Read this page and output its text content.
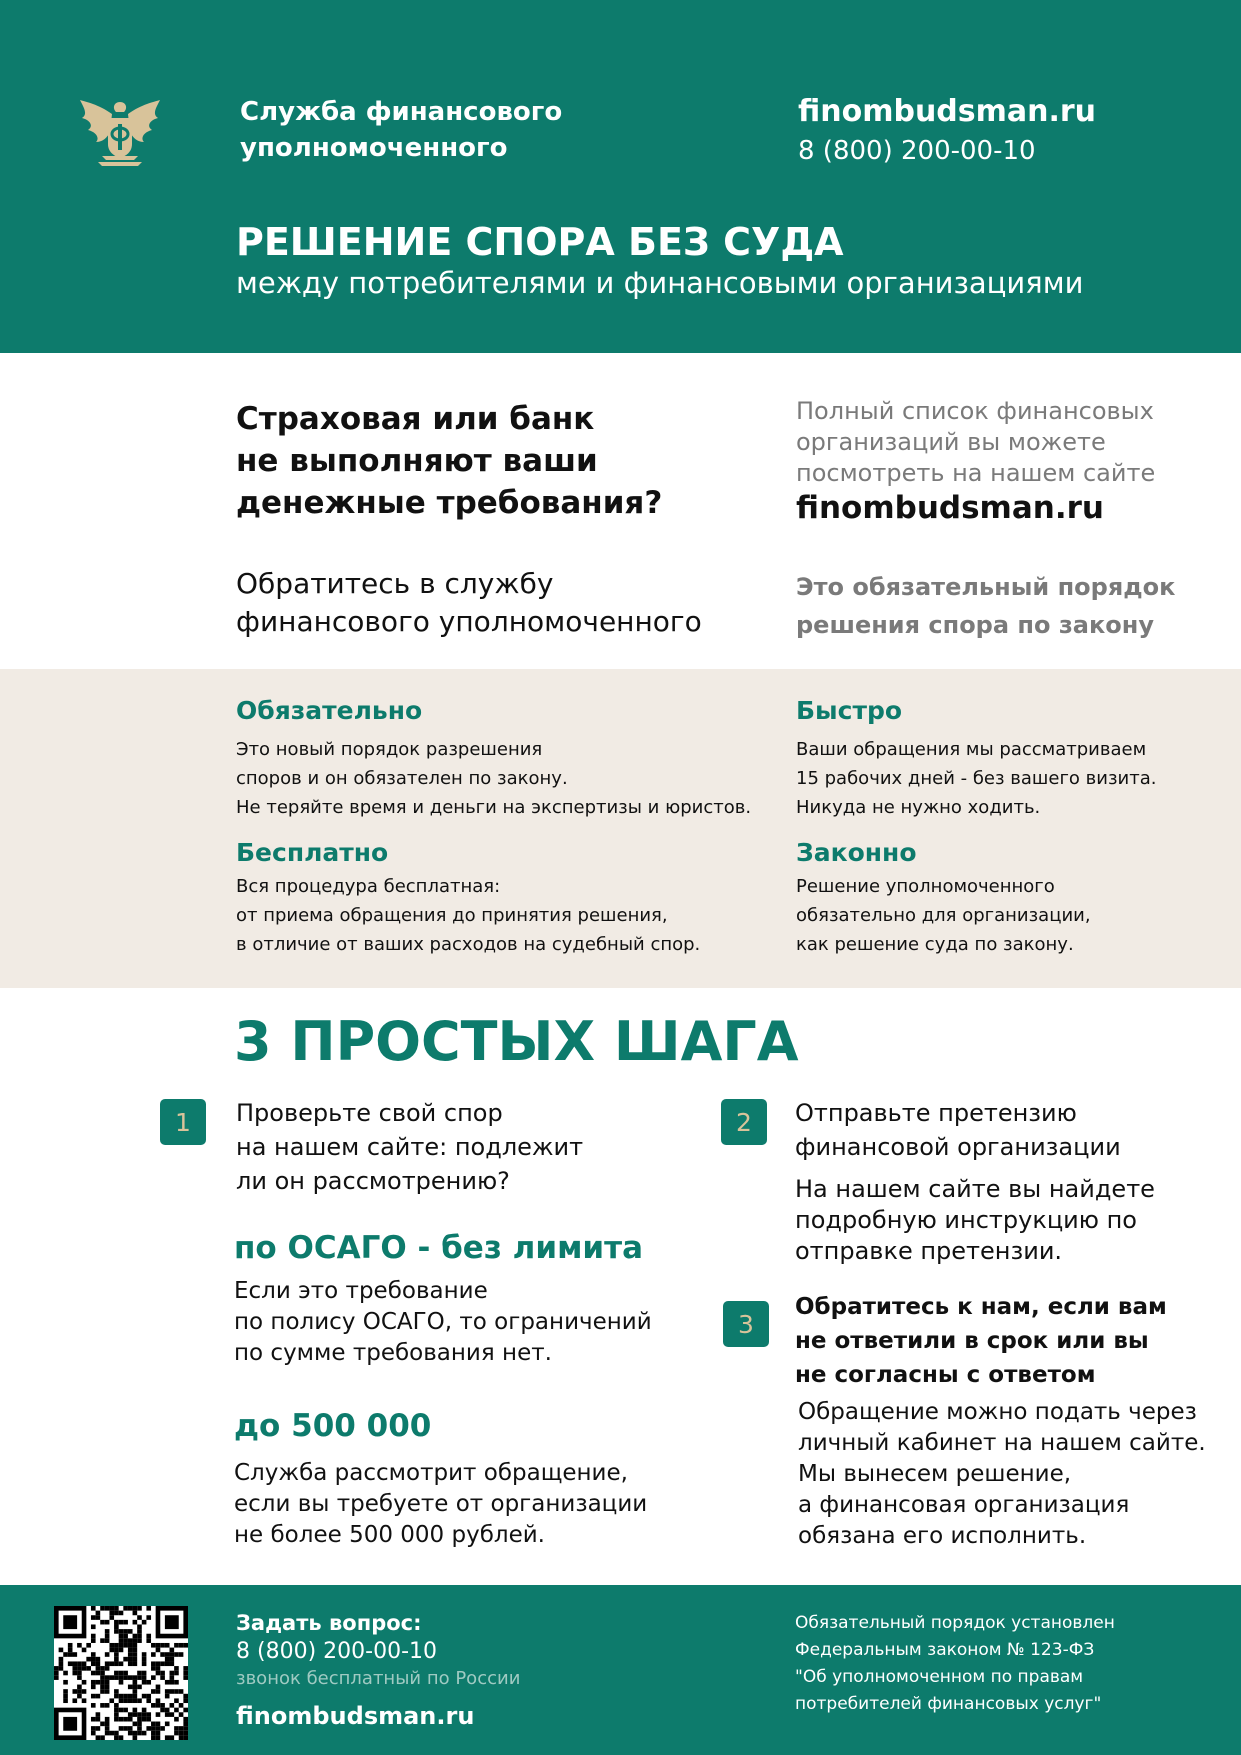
Служба финансового
уполномоченного
finombudsman.ru
8 (800) 200-00-10
РЕШЕНИЕ СПОРА БЕЗ СУДА
между потребителями и финансовыми организациями
Страховая или банк
не выполняют ваши
денежные требования?
Обратитесь в службу
финансового уполномоченного
Полный список финансовых
организаций вы можете
посмотреть на нашем сайте
finombudsman.ru
Это обязательный порядок
решения спора по закону
Обязательно
Это новый порядок разрешения
споров и он обязателен по закону.
Не теряйте время и деньги на экспертизы и юристов.
Быстро
Ваши обращения мы рассматриваем
15 рабочих дней - без вашего визита.
Никуда не нужно ходить.
Бесплатно
Вся процедура бесплатная:
от приема обращения до принятия решения,
в отличие от ваших расходов на судебный спор.
Законно
Решение уполномоченного
обязательно для организации,
как решение суда по закону.
3 ПРОСТЫХ ШАГА
1	Проверьте свой спор
на нашем сайте: подлежит
ли он рассмотрению?
по ОСАГО - без лимита
Если это требование
по полису ОСАГО, то ограничений
по сумме требования нет.
до 500 000
Служба рассмотрит обращение,
если вы требуете от организации
не более 500 000 рублей.
2	Отправьте претензию
финансовой организации
На нашем сайте вы найдете
подробную инструкцию по
отправке претензии.
3
Обратитесь к нам, если вам
не ответили в срок или вы
не согласны с ответом
Обращение можно подать через
личный кабинет на нашем сайте.
Мы вынесем решение,
а финансовая организация
обязана его исполнить.
Задать вопрос:
8 (800) 200-00-10
звонок бесплатный по России
finombudsman.ru
Обязательный порядок установлен
Федеральным законом № 123-ФЗ
"Об уполномоченном по правам
потребителей финансовых услуг"
